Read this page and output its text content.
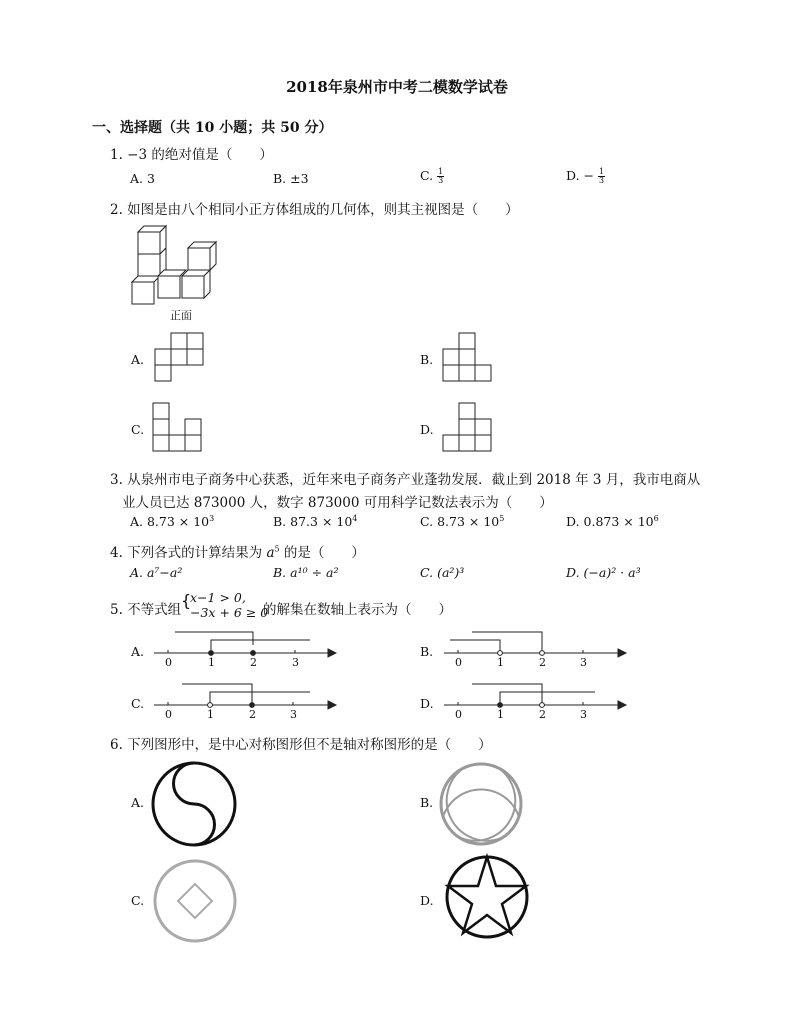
2018年泉州市中考二模数学试卷
一、选择题（共 10 小题；共 50 分）
1. −3 的绝对值是（　　）
A. 3	B. ±3	C. $\frac{1}{3}$	D. − $\frac{1}{3}$
2. 如图是由八个相同小正方体组成的几何体，则其主视图是（　　）
正面
A.	B.
C.	D.
3. 从泉州市电子商务中心获悉，近年来电子商务产业蓬勃发展．截止到 2018 年 3 月，我市电商从
业人员已达 873000 人，数字 873000 可用科学记数法表示为（　　）
A. $8.73 \times 10^3$	B. $87.3 \times 10^4$	C. $8.73 \times 10^5$	D. $0.873 \times 10^6$
4. 下列各式的计算结果为 $a^5$ 的是（　　）
A. a⁷−a²	B. a¹⁰ ÷ a²	C. (a²)³	D. (−a)² · a³
5. 不等式组 {
x−1 > 0,
−3x + 6 ≥ 0
的解集在数轴上表示为（　　）
A.	B.
C.	D.
0	1	2	3	0	1	2	3
0	1	2	3	0	1	2	3
6. 下列图形中，是中心对称图形但不是轴对称图形的是（　　）
A.	B.
C.	D.
